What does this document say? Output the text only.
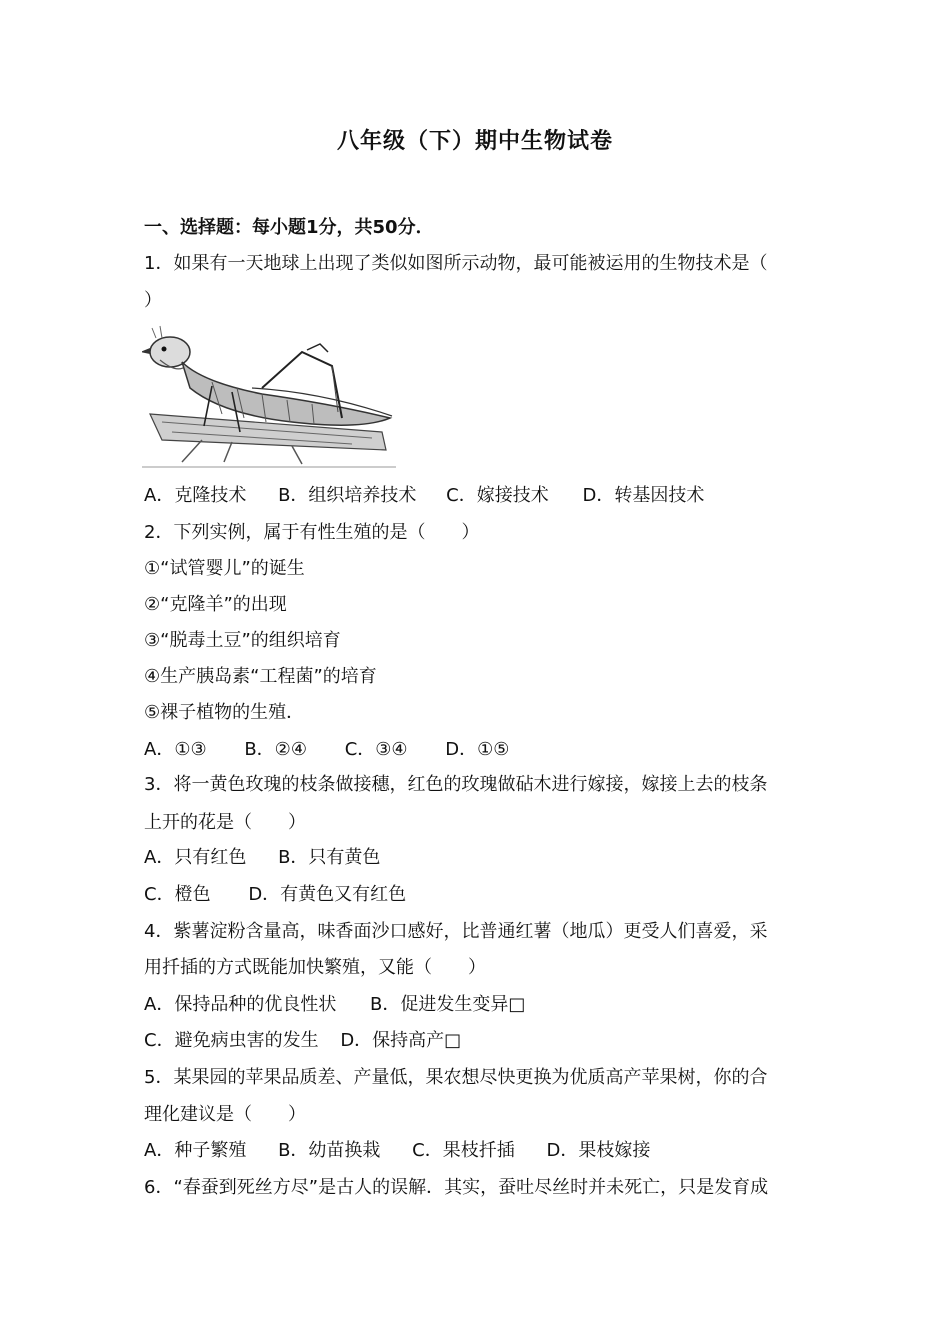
八年级（下）期中生物试卷
一、选择题：每小题1分，共50分．
1．如果有一天地球上出现了类似如图所示动物，最可能被运用的生物技术是（
）
A．克隆技术 B．组织培养技术 C．嫁接技术 D．转基因技术
2．下列实例，属于有性生殖的是（　　）
①“试管婴儿”的诞生
②“克隆羊”的出现
③“脱毒土豆”的组织培育
④生产胰岛素“工程菌”的培育
⑤裸子植物的生殖．
A．①③ B．②④ C．③④ D．①⑤
3．将一黄色玫瑰的枝条做接穗，红色的玫瑰做砧木进行嫁接，嫁接上去的枝条
上开的花是（　　）
A．只有红色 B．只有黄色
C．橙色 D．有黄色又有红色
4．紫薯淀粉含量高，味香面沙口感好，比普通红薯（地瓜）更受人们喜爱，采
用扦插的方式既能加快繁殖，又能（　　）
A．保持品种的优良性状 B．促进发生变异□
C．避免病虫害的发生 D．保持高产□
5．某果园的苹果品质差、产量低，果农想尽快更换为优质高产苹果树，你的合
理化建议是（　　）
A．种子繁殖 B．幼苗换栽 C．果枝扦插 D．果枝嫁接
6．“春蚕到死丝方尽”是古人的误解．其实，蚕吐尽丝时并未死亡，只是发育成
